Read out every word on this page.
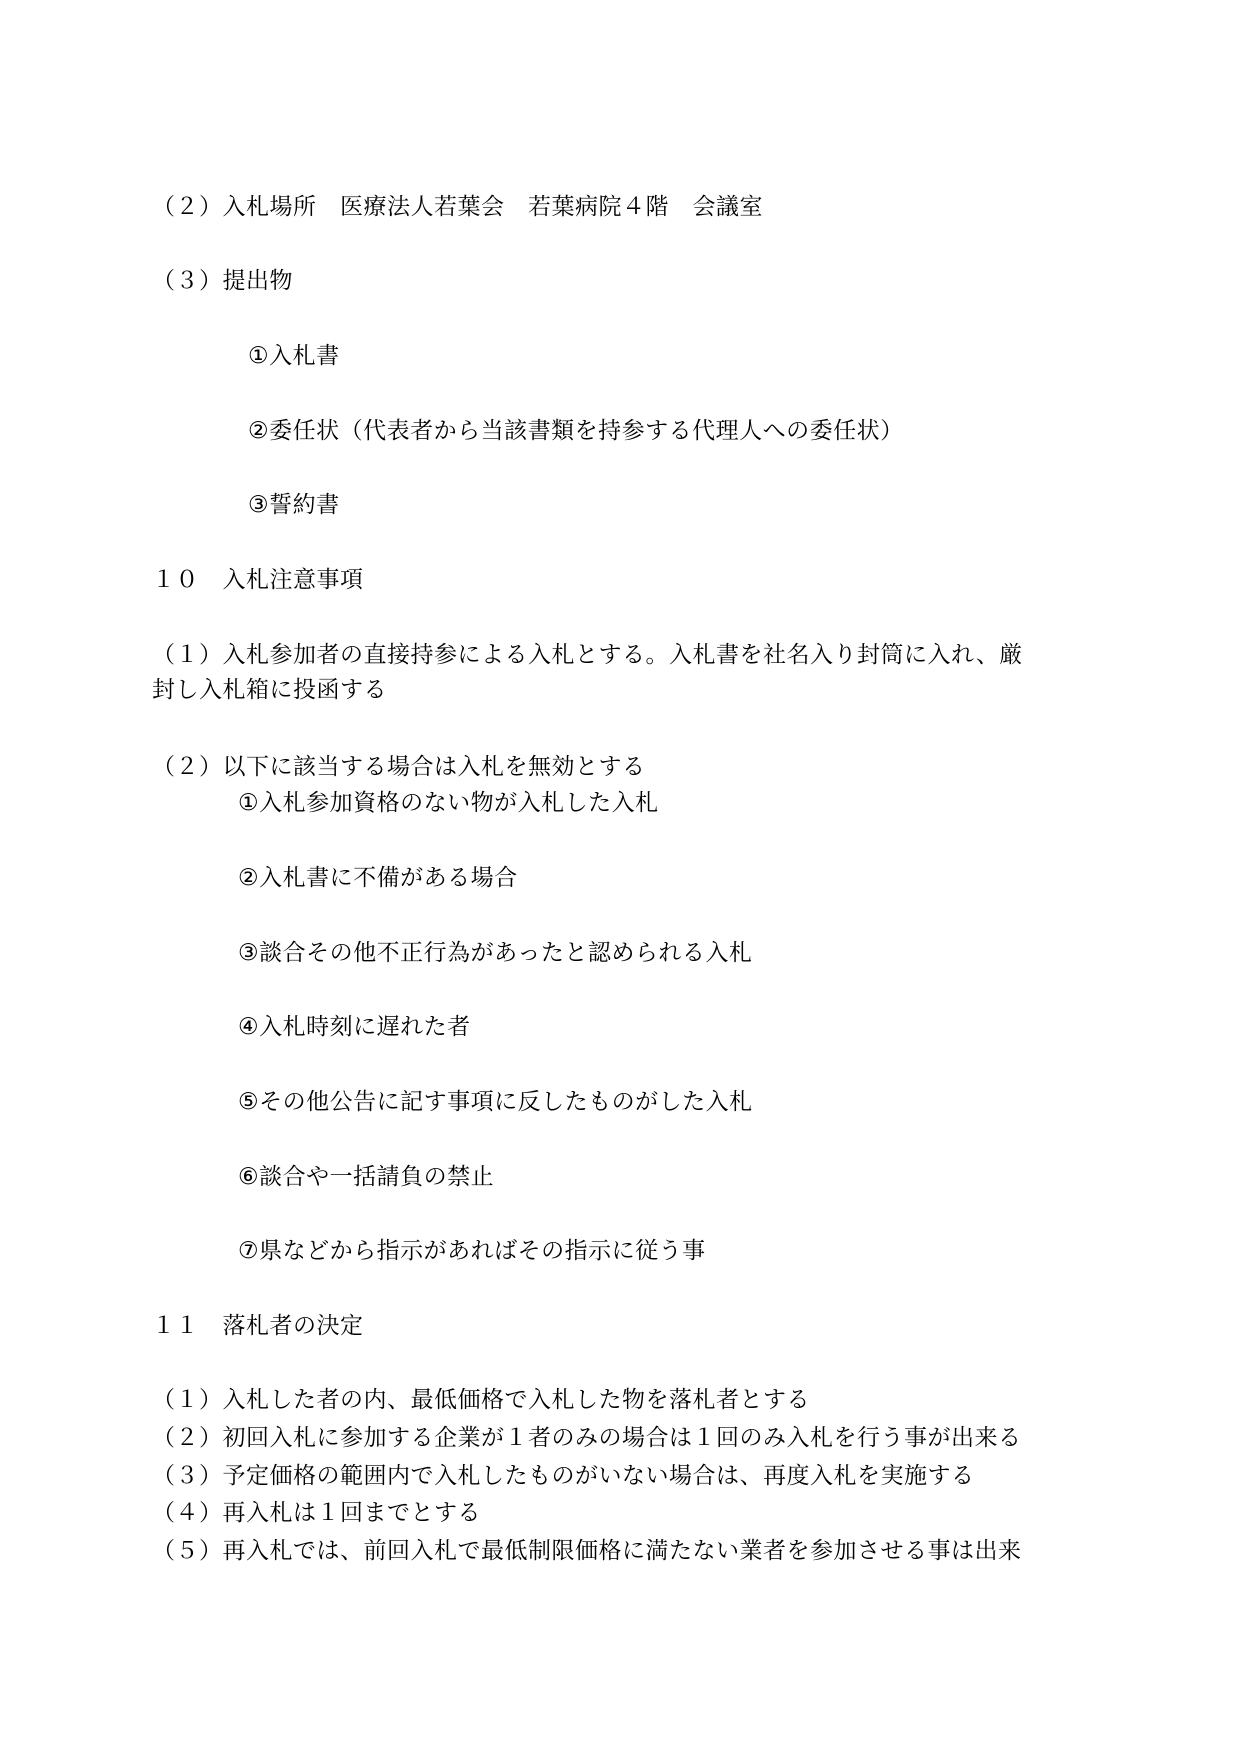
（２）入札場所　医療法人若葉会　若葉病院４階　会議室
（３）提出物
①入札書
②委任状（代表者から当該書類を持参する代理人への委任状）
③誓約書
１０　入札注意事項
（１）入札参加者の直接持参による入札とする。入札書を社名入り封筒に入れ、厳
封し入札箱に投函する
（２）以下に該当する場合は入札を無効とする
①入札参加資格のない物が入札した入札
②入札書に不備がある場合
③談合その他不正行為があったと認められる入札
④入札時刻に遅れた者
⑤その他公告に記す事項に反したものがした入札
⑥談合や一括請負の禁止
⑦県などから指示があればその指示に従う事
１１　落札者の決定
（１）入札した者の内、最低価格で入札した物を落札者とする
（２）初回入札に参加する企業が１者のみの場合は１回のみ入札を行う事が出来る
（３）予定価格の範囲内で入札したものがいない場合は、再度入札を実施する
（４）再入札は１回までとする
（５）再入札では、前回入札で最低制限価格に満たない業者を参加させる事は出来
